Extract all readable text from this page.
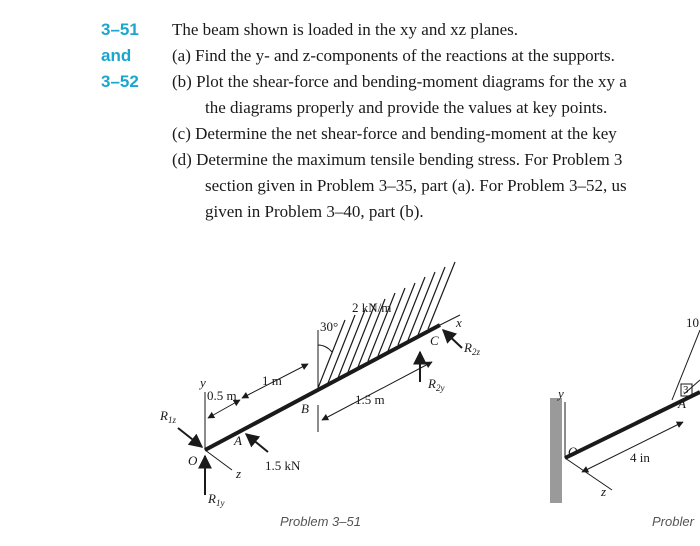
3–51
and
3–52
The beam shown is loaded in the xy and xz planes.
(a) Find the y- and z-components of the reactions at the supports.
(b) Plot the shear-force and bending-moment diagrams for the xy a
the diagrams properly and provide the values at key points.
(c) Determine the net shear-force and bending-moment at the key
(d) Determine the maximum tensile bending stress. For Problem 3
section given in Problem 3–35, part (a). For Problem 3–52, us
given in Problem 3–40, part (b).
2 kN/m
30°
1 m
0.5 m	1.5 m
1.5 kN
O
A
B
C
x
y
z
$R_{1z}$
$R_{1y}$
$R_{2z}$
$R_{2y}$
O
A
y
z
4 in
10
3
Problem 3–51	Probler
